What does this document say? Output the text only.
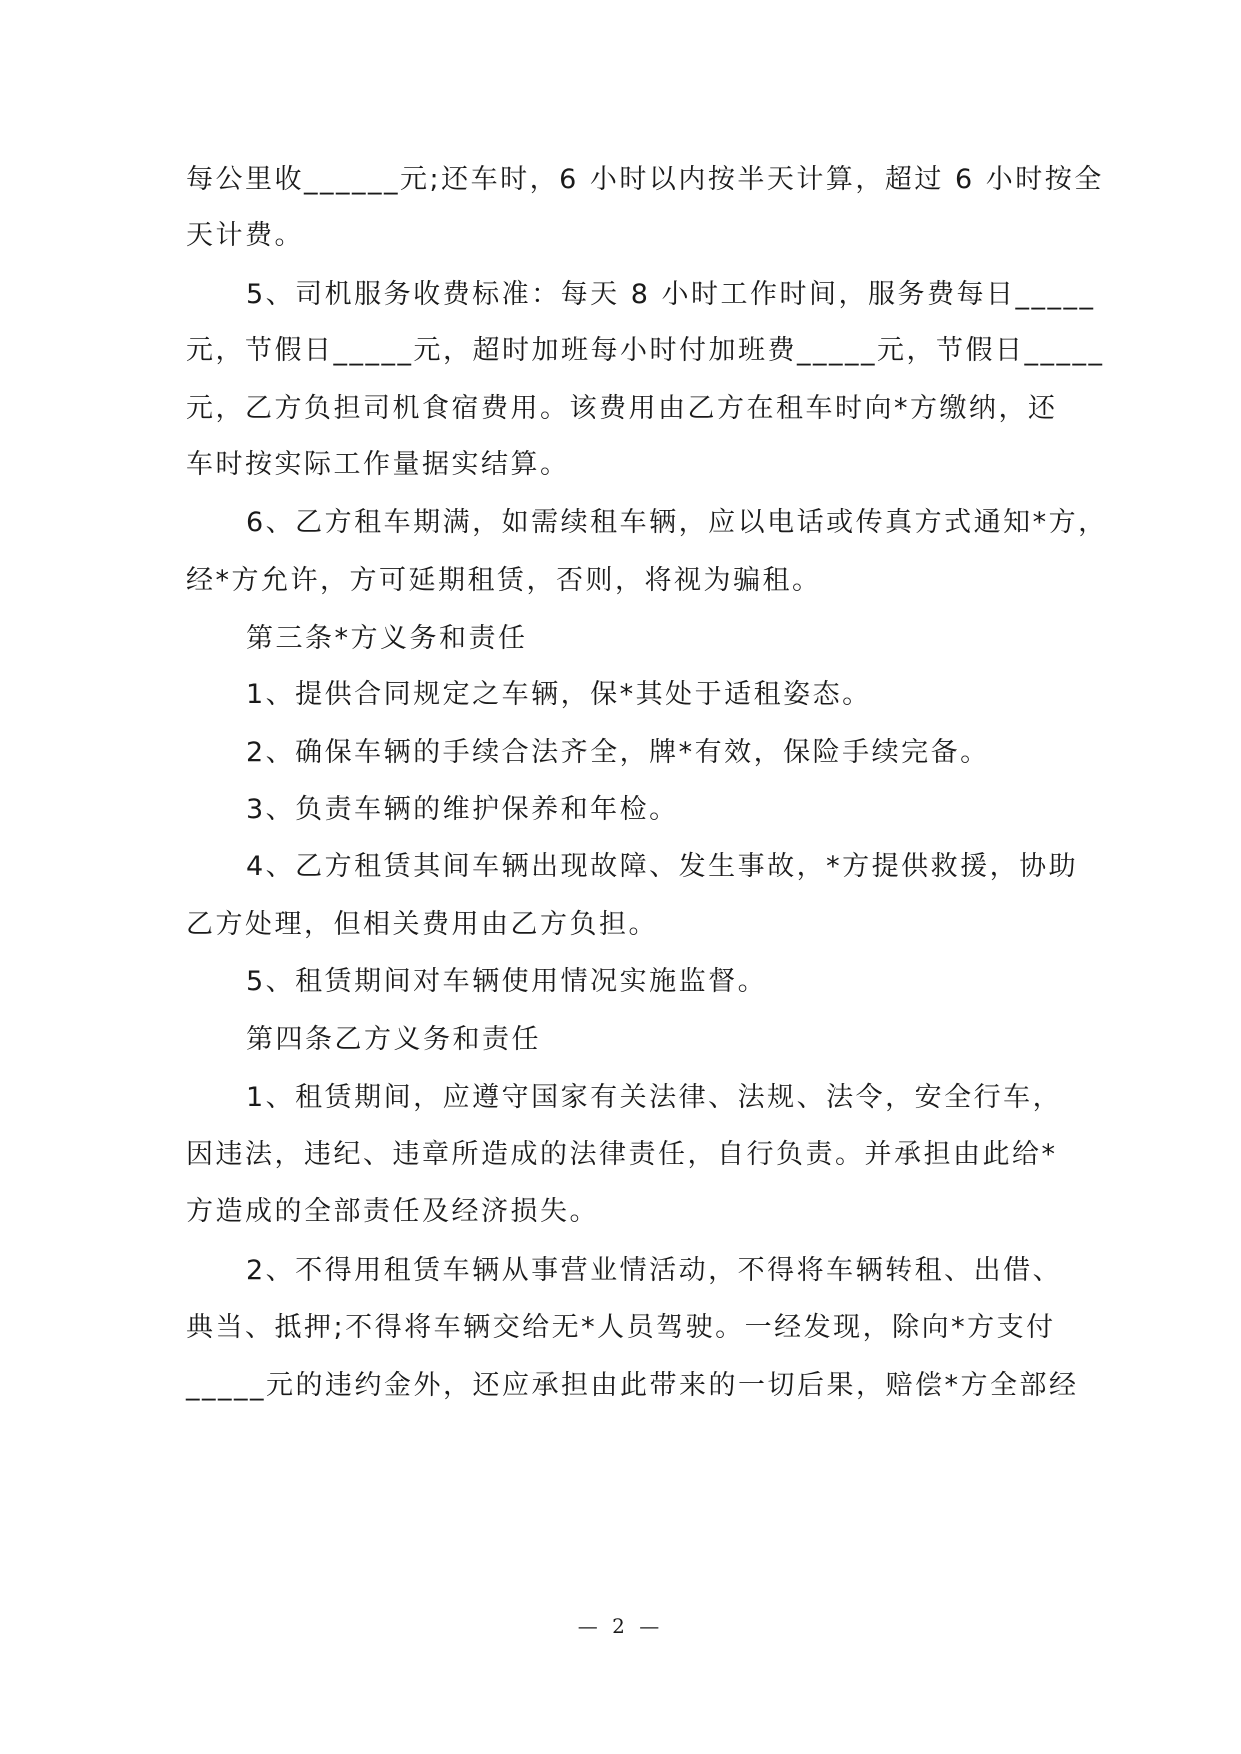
每公里收______元;还车时，6 小时以内按半天计算，超过 6 小时按全
天计费。
5、司机服务收费标准：每天 8 小时工作时间，服务费每日_____
元，节假日_____元，超时加班每小时付加班费_____元，节假日_____
元，乙方负担司机食宿费用。该费用由乙方在租车时向*方缴纳，还
车时按实际工作量据实结算。
6、乙方租车期满，如需续租车辆，应以电话或传真方式通知*方，
经*方允许，方可延期租赁，否则，将视为骗租。
第三条*方义务和责任
1、提供合同规定之车辆，保*其处于适租姿态。
2、确保车辆的手续合法齐全，牌*有效，保险手续完备。
3、负责车辆的维护保养和年检。
4、乙方租赁其间车辆出现故障、发生事故，*方提供救援，协助
乙方处理，但相关费用由乙方负担。
5、租赁期间对车辆使用情况实施监督。
第四条乙方义务和责任
1、租赁期间，应遵守国家有关法律、法规、法令，安全行车，
因违法，违纪、违章所造成的法律责任，自行负责。并承担由此给*
方造成的全部责任及经济损失。
2、不得用租赁车辆从事营业情活动，不得将车辆转租、出借、
典当、抵押;不得将车辆交给无*人员驾驶。一经发现，除向*方支付
_____元的违约金外，还应承担由此带来的一切后果，赔偿*方全部经
— 2 —
